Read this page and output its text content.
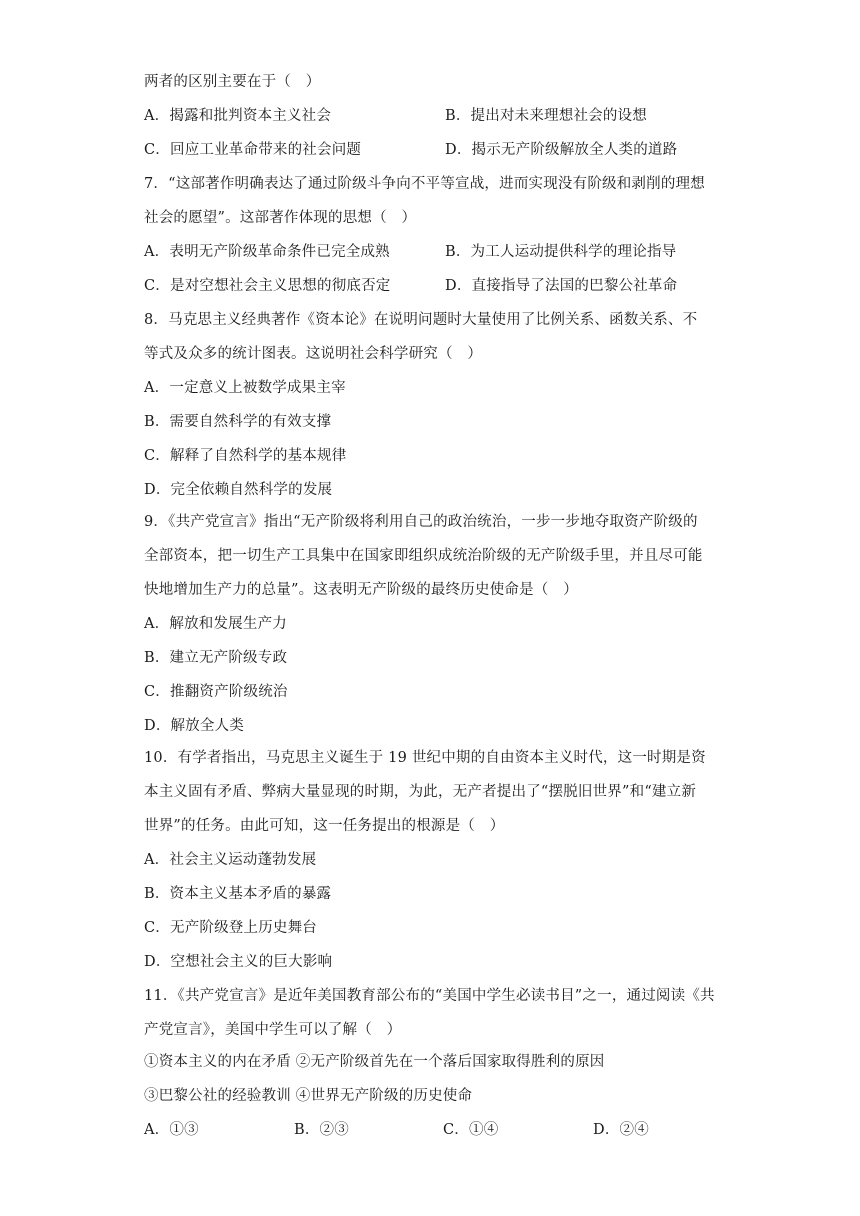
两者的区别主要在于（　）
A．揭露和批判资本主义社会	B．提出对未来理想社会的设想
C．回应工业革命带来的社会问题	D．揭示无产阶级解放全人类的道路
7．“这部著作明确表达了通过阶级斗争向不平等宣战，进而实现没有阶级和剥削的理想
社会的愿望”。这部著作体现的思想（　）
A．表明无产阶级革命条件已完全成熟	B．为工人运动提供科学的理论指导
C．是对空想社会主义思想的彻底否定	D．直接指导了法国的巴黎公社革命
8．马克思主义经典著作《资本论》在说明问题时大量使用了比例关系、函数关系、不
等式及众多的统计图表。这说明社会科学研究（　）
A．一定意义上被数学成果主宰
B．需要自然科学的有效支撑
C．解释了自然科学的基本规律
D．完全依赖自然科学的发展
9．《共产党宣言》指出“无产阶级将利用自己的政治统治，一步一步地夺取资产阶级的
全部资本，把一切生产工具集中在国家即组织成统治阶级的无产阶级手里，并且尽可能
快地增加生产力的总量”。这表明无产阶级的最终历史使命是（　）
A．解放和发展生产力
B．建立无产阶级专政
C．推翻资产阶级统治
D．解放全人类
10．有学者指出，马克思主义诞生于 19 世纪中期的自由资本主义时代，这一时期是资
本主义固有矛盾、弊病大量显现的时期，为此，无产者提出了“摆脱旧世界”和“建立新
世界”的任务。由此可知，这一任务提出的根源是（　）
A．社会主义运动蓬勃发展
B．资本主义基本矛盾的暴露
C．无产阶级登上历史舞台
D．空想社会主义的巨大影响
11．《共产党宣言》是近年美国教育部公布的“美国中学生必读书目”之一，通过阅读《共
产党宣言》，美国中学生可以了解（　）
①资本主义的内在矛盾 ②无产阶级首先在一个落后国家取得胜利的原因
③巴黎公社的经验教训 ④世界无产阶级的历史使命
A．①③	B．②③	C．①④	D．②④
